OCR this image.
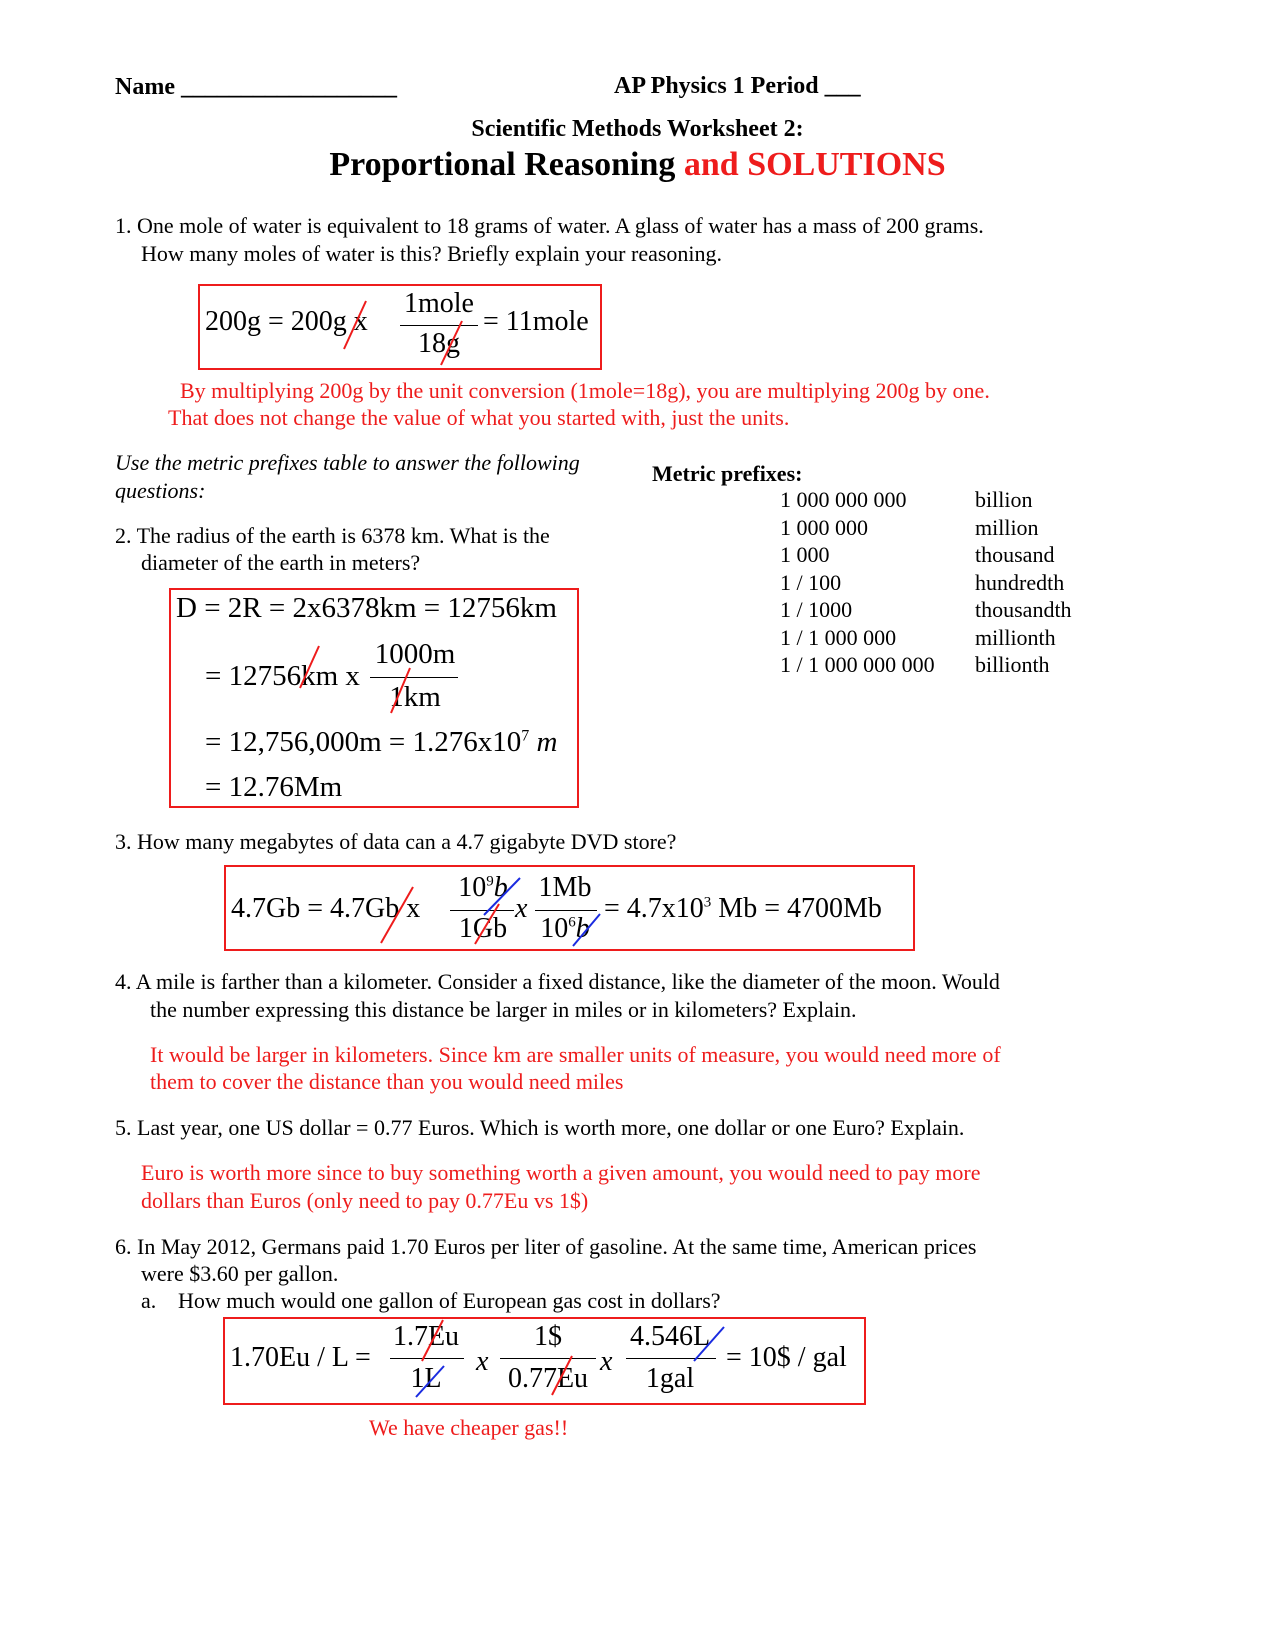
Name __________________	AP Physics 1 Period ___
Scientific Methods Worksheet 2:
Proportional Reasoning and SOLUTIONS
1. One mole of water is equivalent to 18 grams of water. A glass of water has a mass of 200 grams.
How many moles of water is this? Briefly explain your reasoning.
200g = 200g x
1mole
18g
= 11mole
By multiplying 200g by the unit conversion (1mole=18g), you are multiplying 200g by one.
That does not change the value of what you started with, just the units.
Use the metric prefixes table to answer the following
questions:
Metric prefixes:
1 000 000 000	billion
1 000 000	million
1 000	thousand
1 / 100	hundredth
1 / 1000	thousandth
1 / 1 000 000	millionth
1 / 1 000 000 000 billionth
2. The radius of the earth is 6378 km. What is the
diameter of the earth in meters?
D = 2R = 2x6378km = 12756km
= 12756km x
1000m
1km
= $12,756,000m = 1.276x10^7$ m
= 12.76Mm
3. How many megabytes of data can a 4.7 gigabyte DVD store?
4.7Gb = 4.7Gb x
$10^9b$
1Gb
x
1Mb
$10^6b$
= $4.7x10^3$ Mb = 4700Mb
4. A mile is farther than a kilometer. Consider a fixed distance, like the diameter of the moon. Would
the number expressing this distance be larger in miles or in kilometers? Explain.
It would be larger in kilometers. Since km are smaller units of measure, you would need more of
them to cover the distance than you would need miles
5. Last year, one US dollar = 0.77 Euros. Which is worth more, one dollar or one Euro? Explain.
Euro is worth more since to buy something worth a given amount, you would need to pay more
dollars than Euros (only need to pay 0.77Eu vs 1$)
6. In May 2012, Germans paid 1.70 Euros per liter of gasoline. At the same time, American prices
were $3.60 per gallon.
a. How much would one gallon of European gas cost in dollars?
1.70Eu / L =
1.7Eu
1L
x
1$
0.77Eu
x
4.546L
1gal
= 10$ / gal
We have cheaper gas!!
